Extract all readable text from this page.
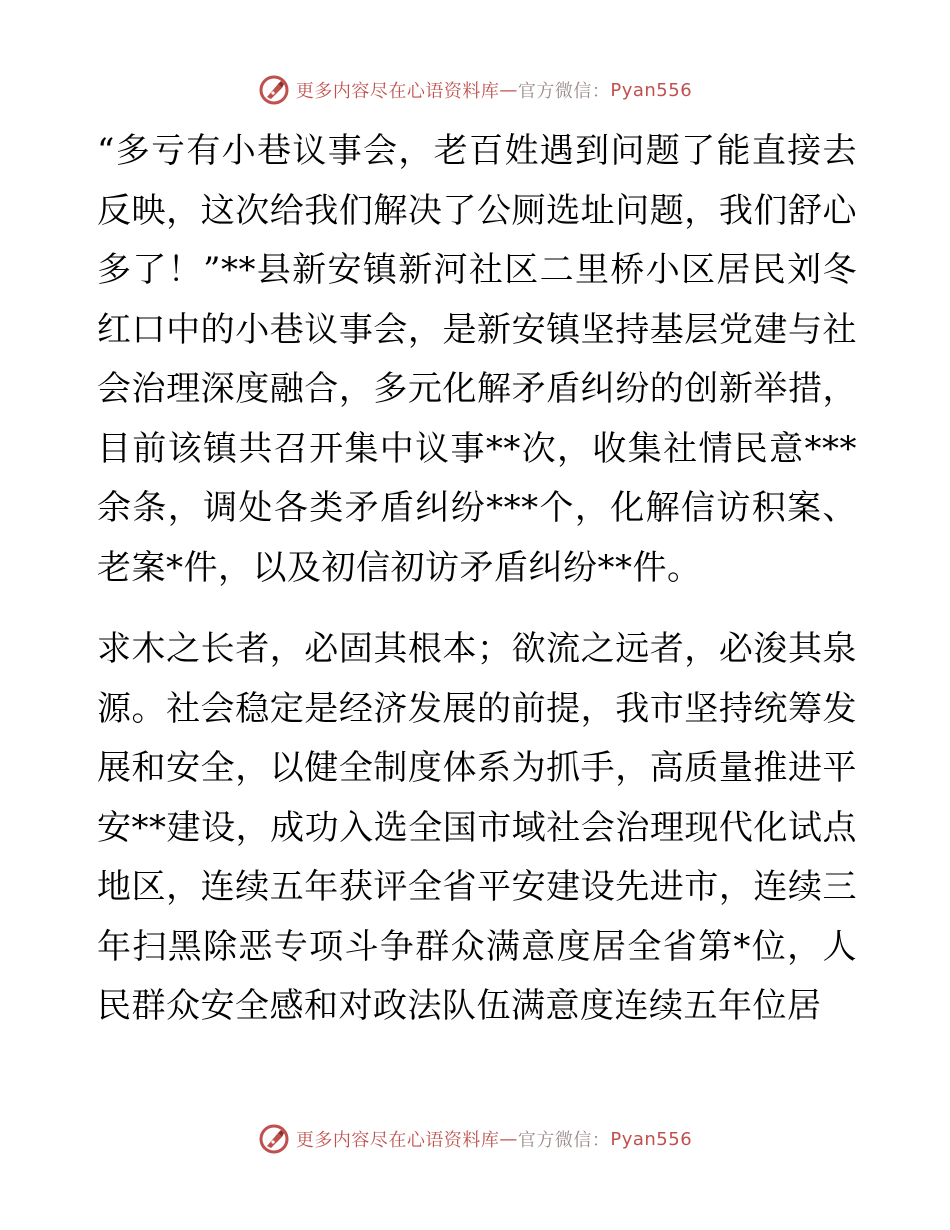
更多内容尽在心语资料库 — 官方微信： Pyan556

“多亏有小巷议事会，老百姓遇到问题了能直接去反映，这次给我们解决了公厕选址问题，我们舒心多了！”**县新安镇新河社区二里桥小区居民刘冬红口中的小巷议事会，是新安镇坚持基层党建与社会治理深度融合，多元化解矛盾纠纷的创新举措，目前该镇共召开集中议事**次，收集社情民意***余条，调处各类矛盾纠纷***个，化解信访积案、老案*件，以及初信初访矛盾纠纷**件。

求木之长者，必固其根本；欲流之远者，必浚其泉源。社会稳定是经济发展的前提，我市坚持统筹发展和安全，以健全制度体系为抓手，高质量推进平安**建设，成功入选全国市域社会治理现代化试点地区，连续五年获评全省平安建设先进市，连续三年扫黑除恶专项斗争群众满意度居全省第*位，人民群众安全感和对政法队伍满意度连续五年位居

更多内容尽在心语资料库 — 官方微信： Pyan556
